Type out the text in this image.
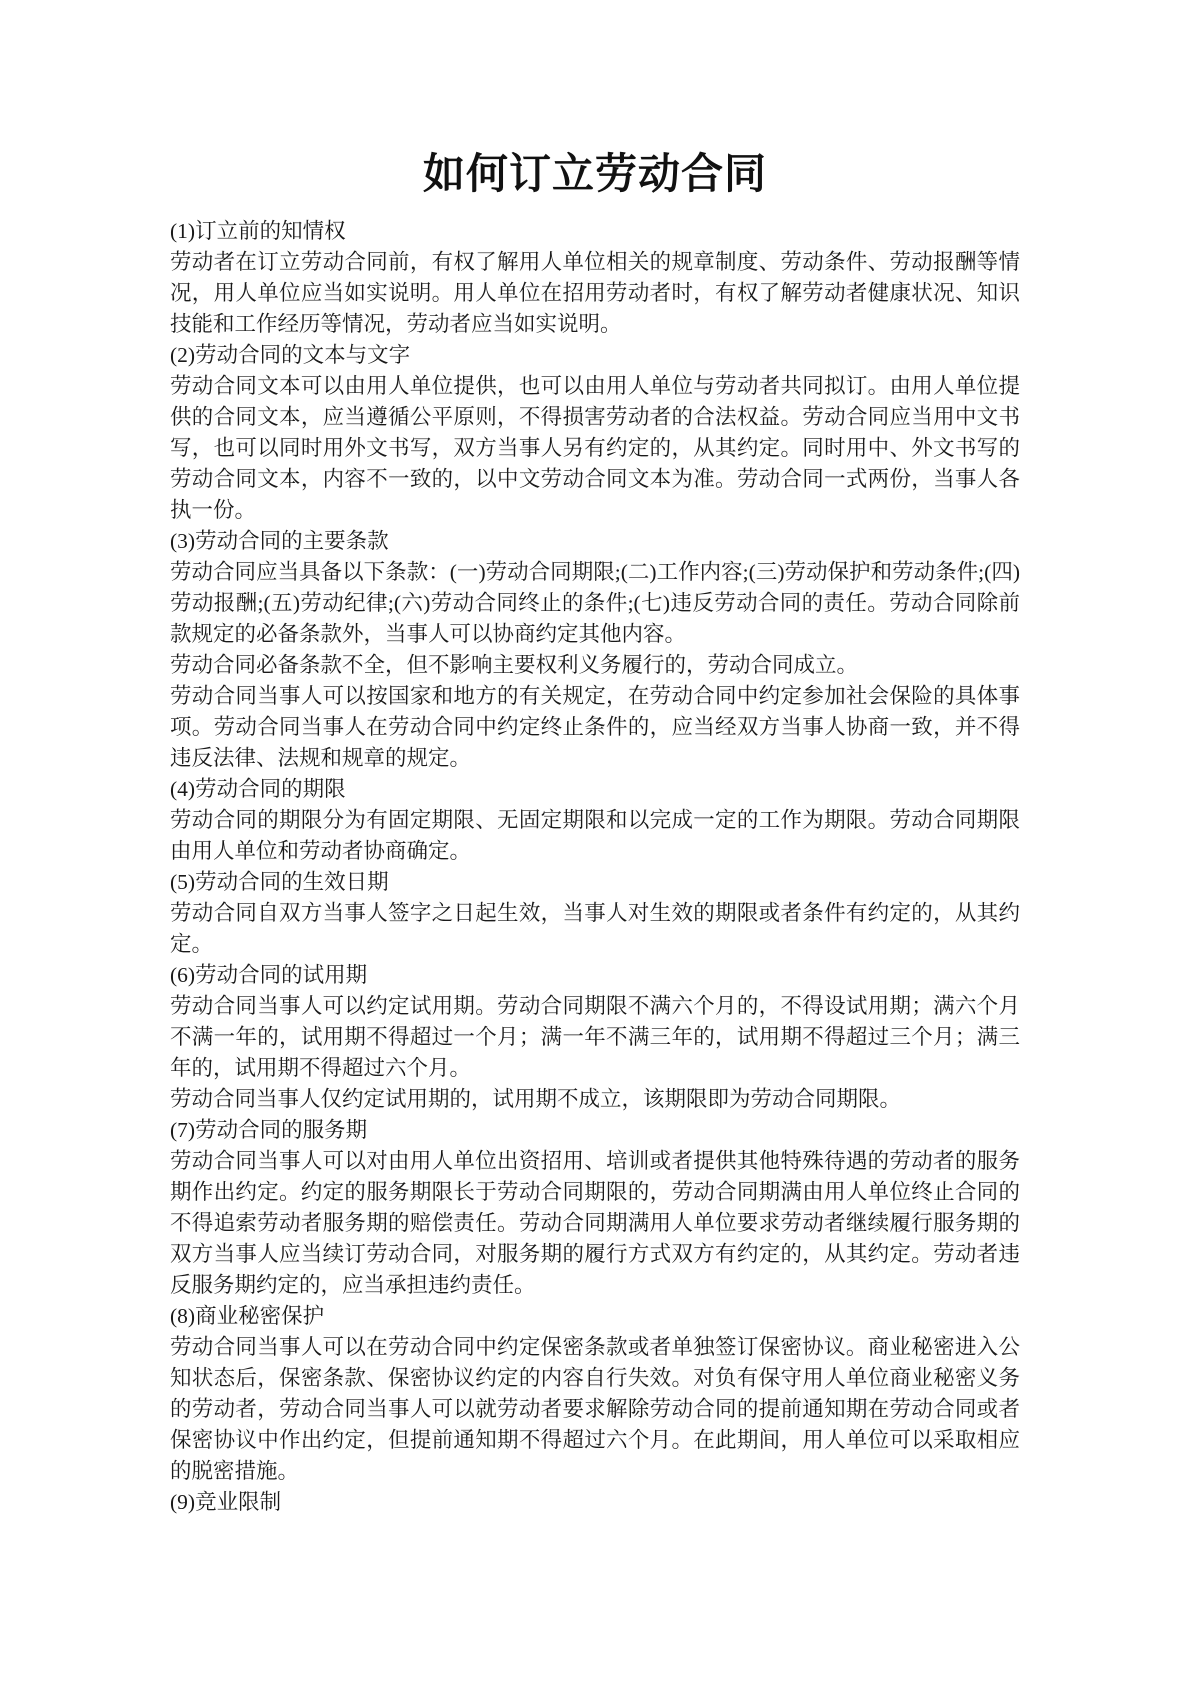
如何订立劳动合同

(1)订立前的知情权

劳动者在订立劳动合同前，有权了解用人单位相关的规章制度、劳动条件、劳动报酬等情况，用人单位应当如实说明。用人单位在招用劳动者时，有权了解劳动者健康状况、知识技能和工作经历等情况，劳动者应当如实说明。

(2)劳动合同的文本与文字

劳动合同文本可以由用人单位提供，也可以由用人单位与劳动者共同拟订。由用人单位提供的合同文本，应当遵循公平原则，不得损害劳动者的合法权益。劳动合同应当用中文书写，也可以同时用外文书写，双方当事人另有约定的，从其约定。同时用中、外文书写的劳动合同文本，内容不一致的，以中文劳动合同文本为准。劳动合同一式两份，当事人各执一份。

(3)劳动合同的主要条款

劳动合同应当具备以下条款：(一)劳动合同期限;(二)工作内容;(三)劳动保护和劳动条件;(四)劳动报酬;(五)劳动纪律;(六)劳动合同终止的条件;(七)违反劳动合同的责任。劳动合同除前款规定的必备条款外，当事人可以协商约定其他内容。

劳动合同必备条款不全，但不影响主要权利义务履行的，劳动合同成立。

劳动合同当事人可以按国家和地方的有关规定，在劳动合同中约定参加社会保险的具体事项。劳动合同当事人在劳动合同中约定终止条件的，应当经双方当事人协商一致，并不得违反法律、法规和规章的规定。

(4)劳动合同的期限

劳动合同的期限分为有固定期限、无固定期限和以完成一定的工作为期限。劳动合同期限由用人单位和劳动者协商确定。

(5)劳动合同的生效日期

劳动合同自双方当事人签字之日起生效，当事人对生效的期限或者条件有约定的，从其约定。

(6)劳动合同的试用期

劳动合同当事人可以约定试用期。劳动合同期限不满六个月的，不得设试用期；满六个月不满一年的，试用期不得超过一个月；满一年不满三年的，试用期不得超过三个月；满三年的，试用期不得超过六个月。

劳动合同当事人仅约定试用期的，试用期不成立，该期限即为劳动合同期限。

(7)劳动合同的服务期

劳动合同当事人可以对由用人单位出资招用、培训或者提供其他特殊待遇的劳动者的服务期作出约定。约定的服务期限长于劳动合同期限的，劳动合同期满由用人单位终止合同的不得追索劳动者服务期的赔偿责任。劳动合同期满用人单位要求劳动者继续履行服务期的双方当事人应当续订劳动合同，对服务期的履行方式双方有约定的，从其约定。劳动者违反服务期约定的，应当承担违约责任。

(8)商业秘密保护

劳动合同当事人可以在劳动合同中约定保密条款或者单独签订保密协议。商业秘密进入公知状态后，保密条款、保密协议约定的内容自行失效。对负有保守用人单位商业秘密义务的劳动者，劳动合同当事人可以就劳动者要求解除劳动合同的提前通知期在劳动合同或者保密协议中作出约定，但提前通知期不得超过六个月。在此期间，用人单位可以采取相应的脱密措施。

(9)竞业限制
